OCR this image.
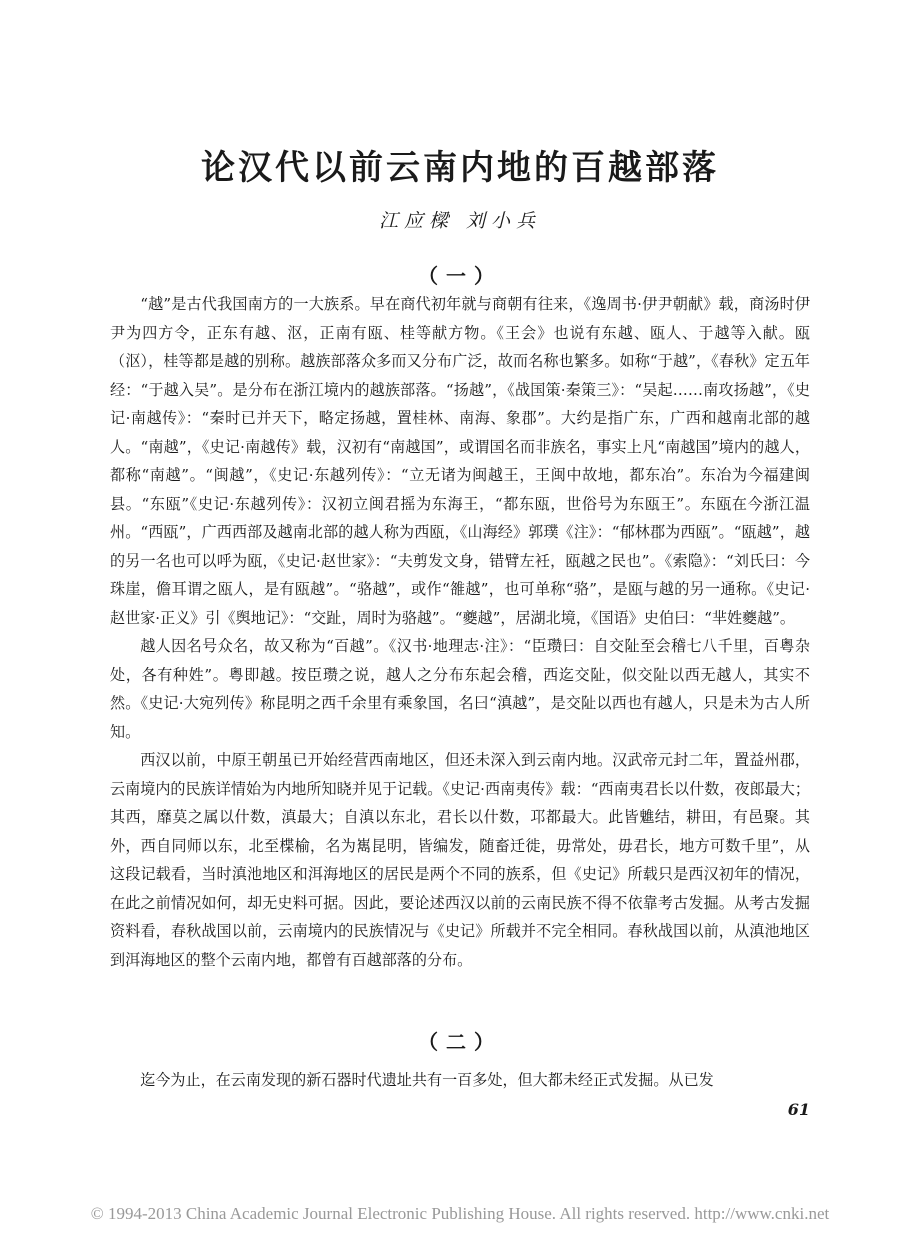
论汉代以前云南内地的百越部落
江应樑 刘小兵
（一）

“越”是古代我国南方的一大族系。早在商代初年就与商朝有往来，《逸周书·伊尹朝献》载，商汤时伊尹为四方令，正东有越、沤，正南有瓯、桂等献方物。《王会》也说有东越、瓯人、于越等入献。瓯（沤），桂等都是越的别称。越族部落众多而又分布广泛，故而名称也繁多。如称“于越”，《春秋》定五年经：“于越入吴”。是分布在浙江境内的越族部落。“扬越”，《战国策·秦策三》：“吴起……南攻扬越”，《史记·南越传》：“秦时已并天下，略定扬越，置桂林、南海、象郡”。大约是指广东，广西和越南北部的越人。“南越”，《史记·南越传》载，汉初有“南越国”，或谓国名而非族名，事实上凡“南越国”境内的越人，都称“南越”。“闽越”，《史记·东越列传》：“立无诸为闽越王，王闽中故地，都东冶”。东冶为今福建闽县。“东瓯”《史记·东越列传》：汉初立闽君摇为东海王，“都东瓯，世俗号为东瓯王”。东瓯在今浙江温州。“西瓯”，广西西部及越南北部的越人称为西瓯，《山海经》郭璞《注》：“郁林郡为西瓯”。“瓯越”，越的另一名也可以呼为瓯，《史记·赵世家》：“夫剪发文身，错臂左衽，瓯越之民也”。《索隐》：“刘氏曰：今珠崖，儋耳谓之瓯人，是有瓯越”。“骆越”，或作“雒越”，也可单称“骆”，是瓯与越的另一通称。《史记·赵世家·正义》引《舆地记》：“交趾，周时为骆越”。“夔越”，居湖北境，《国语》史伯曰：“芈姓夔越”。

越人因名号众名，故又称为“百越”。《汉书·地理志·注》：“臣瓒曰：自交阯至会稽七八千里，百粤杂处，各有种姓”。粤即越。按臣瓒之说，越人之分布东起会稽，西迄交阯，似交阯以西无越人，其实不然。《史记·大宛列传》称昆明之西千余里有乘象国，名曰“滇越”，是交阯以西也有越人，只是未为古人所知。

西汉以前，中原王朝虽已开始经营西南地区，但还未深入到云南内地。汉武帝元封二年，置益州郡，云南境内的民族详情始为内地所知晓并见于记载。《史记·西南夷传》载：“西南夷君长以什数，夜郎最大；其西，靡莫之属以什数，滇最大；自滇以东北，君长以什数，邛都最大。此皆魋结，耕田，有邑聚。其外，西自同师以东，北至楪榆，名为嶲昆明，皆编发，随畜迁徙，毋常处，毋君长，地方可数千里”，从这段记载看，当时滇池地区和洱海地区的居民是两个不同的族系，但《史记》所载只是西汉初年的情况，在此之前情况如何，却无史料可据。因此，要论述西汉以前的云南民族不得不依靠考古发掘。从考古发掘资料看，春秋战国以前，云南境内的民族情况与《史记》所载并不完全相同。春秋战国以前，从滇池地区到洱海地区的整个云南内地，都曾有百越部落的分布。

（二）

迄今为止，在云南发现的新石器时代遗址共有一百多处，但大都未经正式发掘。从已发

61
© 1994-2013 China Academic Journal Electronic Publishing House. All rights reserved. http://www.cnki.net
